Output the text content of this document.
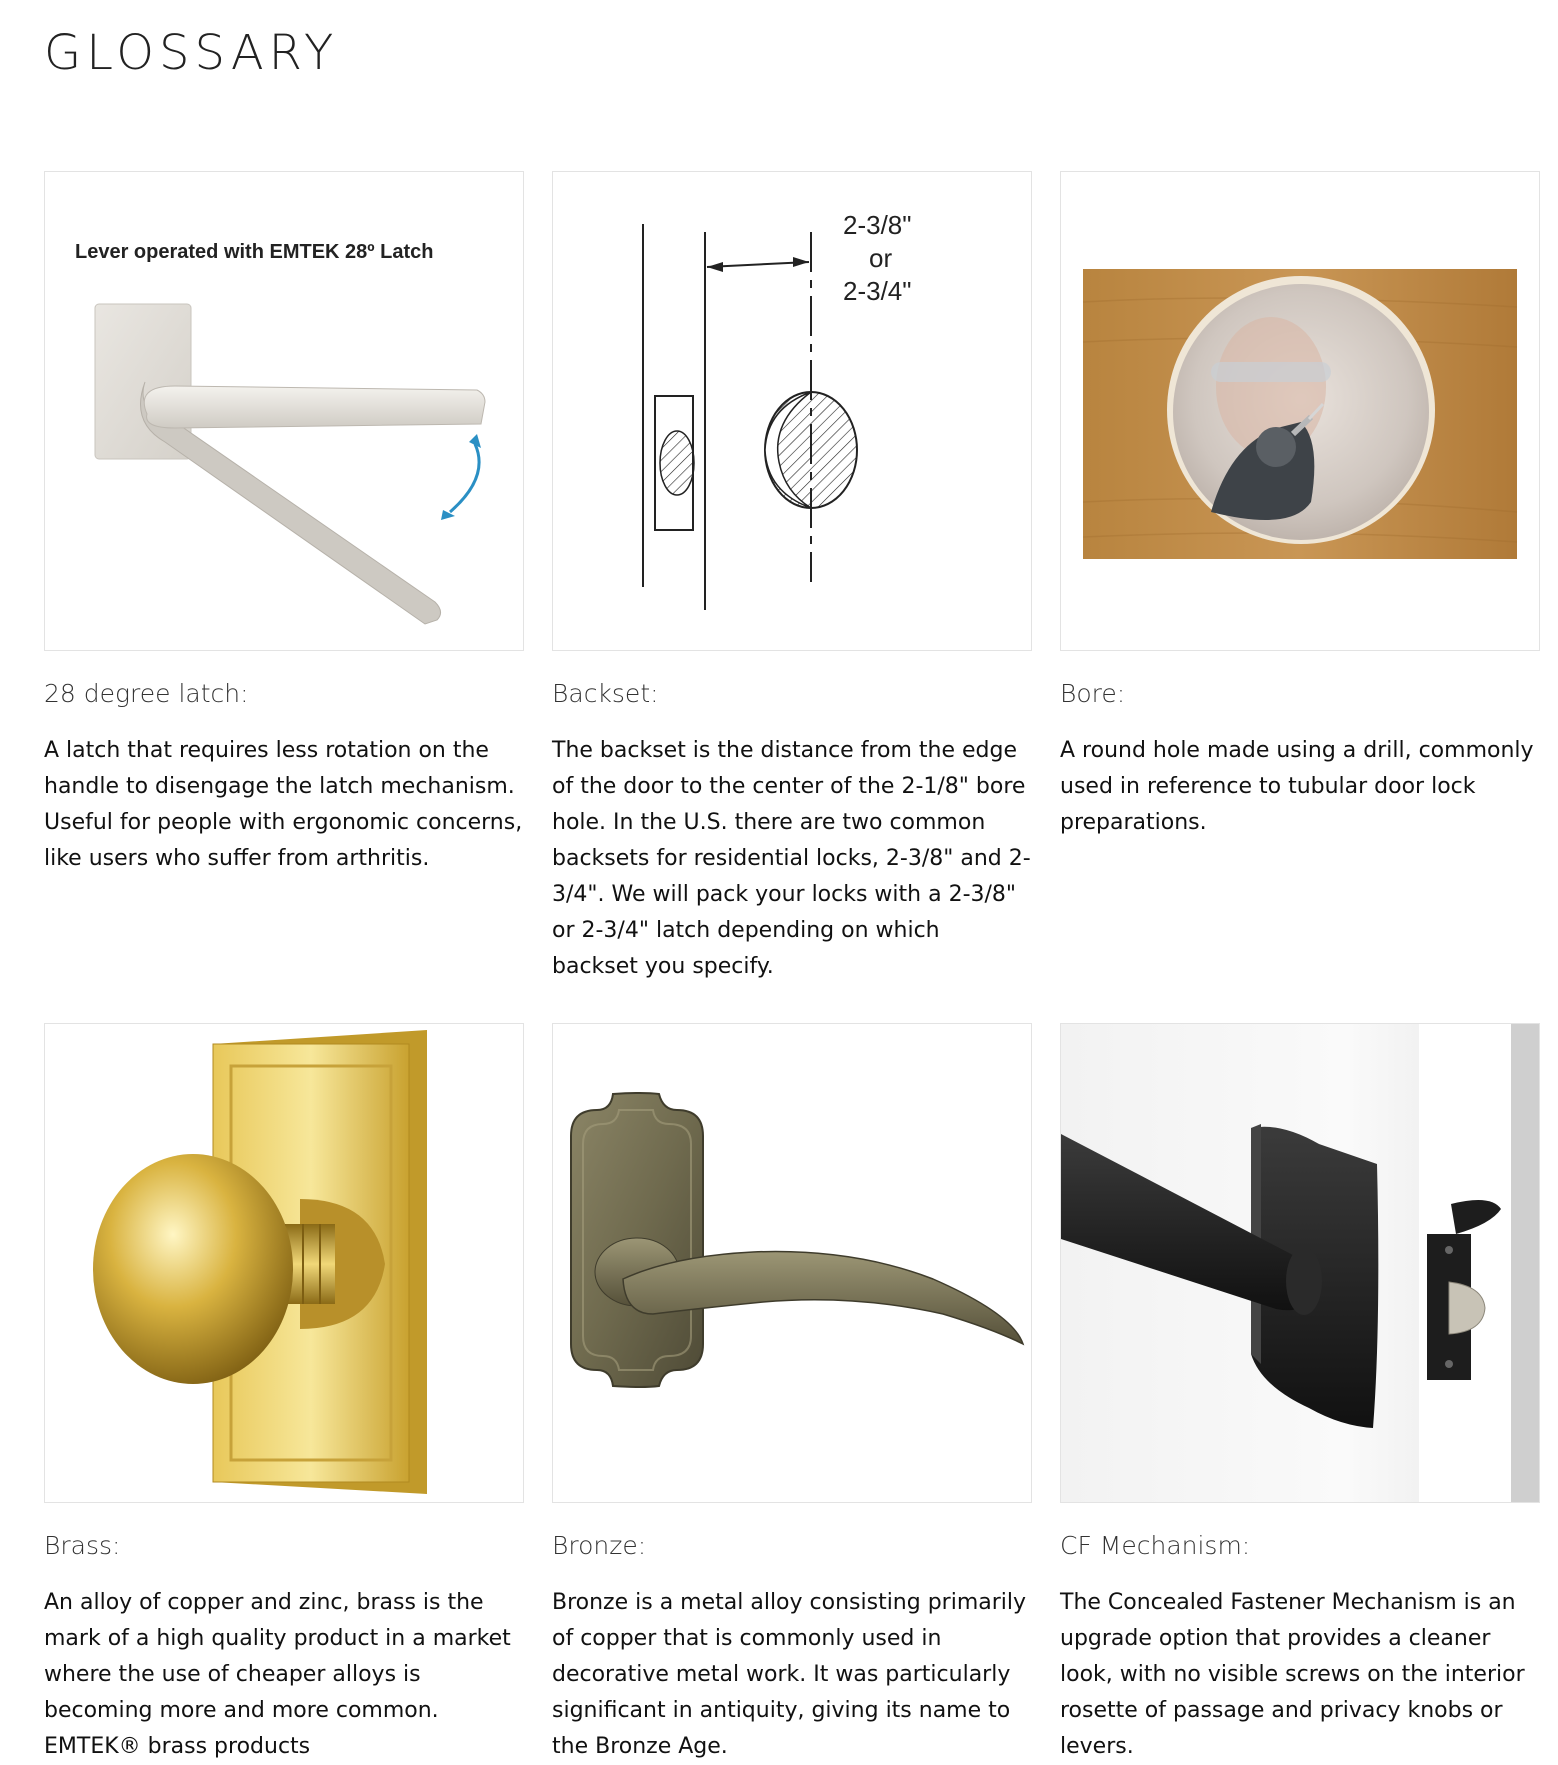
GLOSSARY
Lever operated with EMTEK 28º Latch
28 degree latch:

A latch that requires less rotation on the handle to disengage the latch mechanism. Useful for people with ergonomic concerns, like users who suffer from arthritis.

2-3/8"
or
2-3/4"
Backset:

The backset is the distance from the edge of the door to the center of the 2-1/8" bore hole. In the U.S. there are two common backsets for residential locks, 2-3/8" and 2-3/4". We will pack your locks with a 2-3/8" or 2-3/4" latch depending on which backset you specify.

Bore:

A round hole made using a drill, commonly used in reference to tubular door lock preparations.

Brass:

An alloy of copper and zinc, brass is the mark of a high quality product in a market where the use of cheaper alloys is becoming more and more common. EMTEK® brass products

Bronze:

Bronze is a metal alloy consisting primarily of copper that is commonly used in decorative metal work. It was particularly significant in antiquity, giving its name to the Bronze Age.

CF Mechanism:

The Concealed Fastener Mechanism is an upgrade option that provides a cleaner look, with no visible screws on the interior rosette of passage and privacy knobs or levers.
